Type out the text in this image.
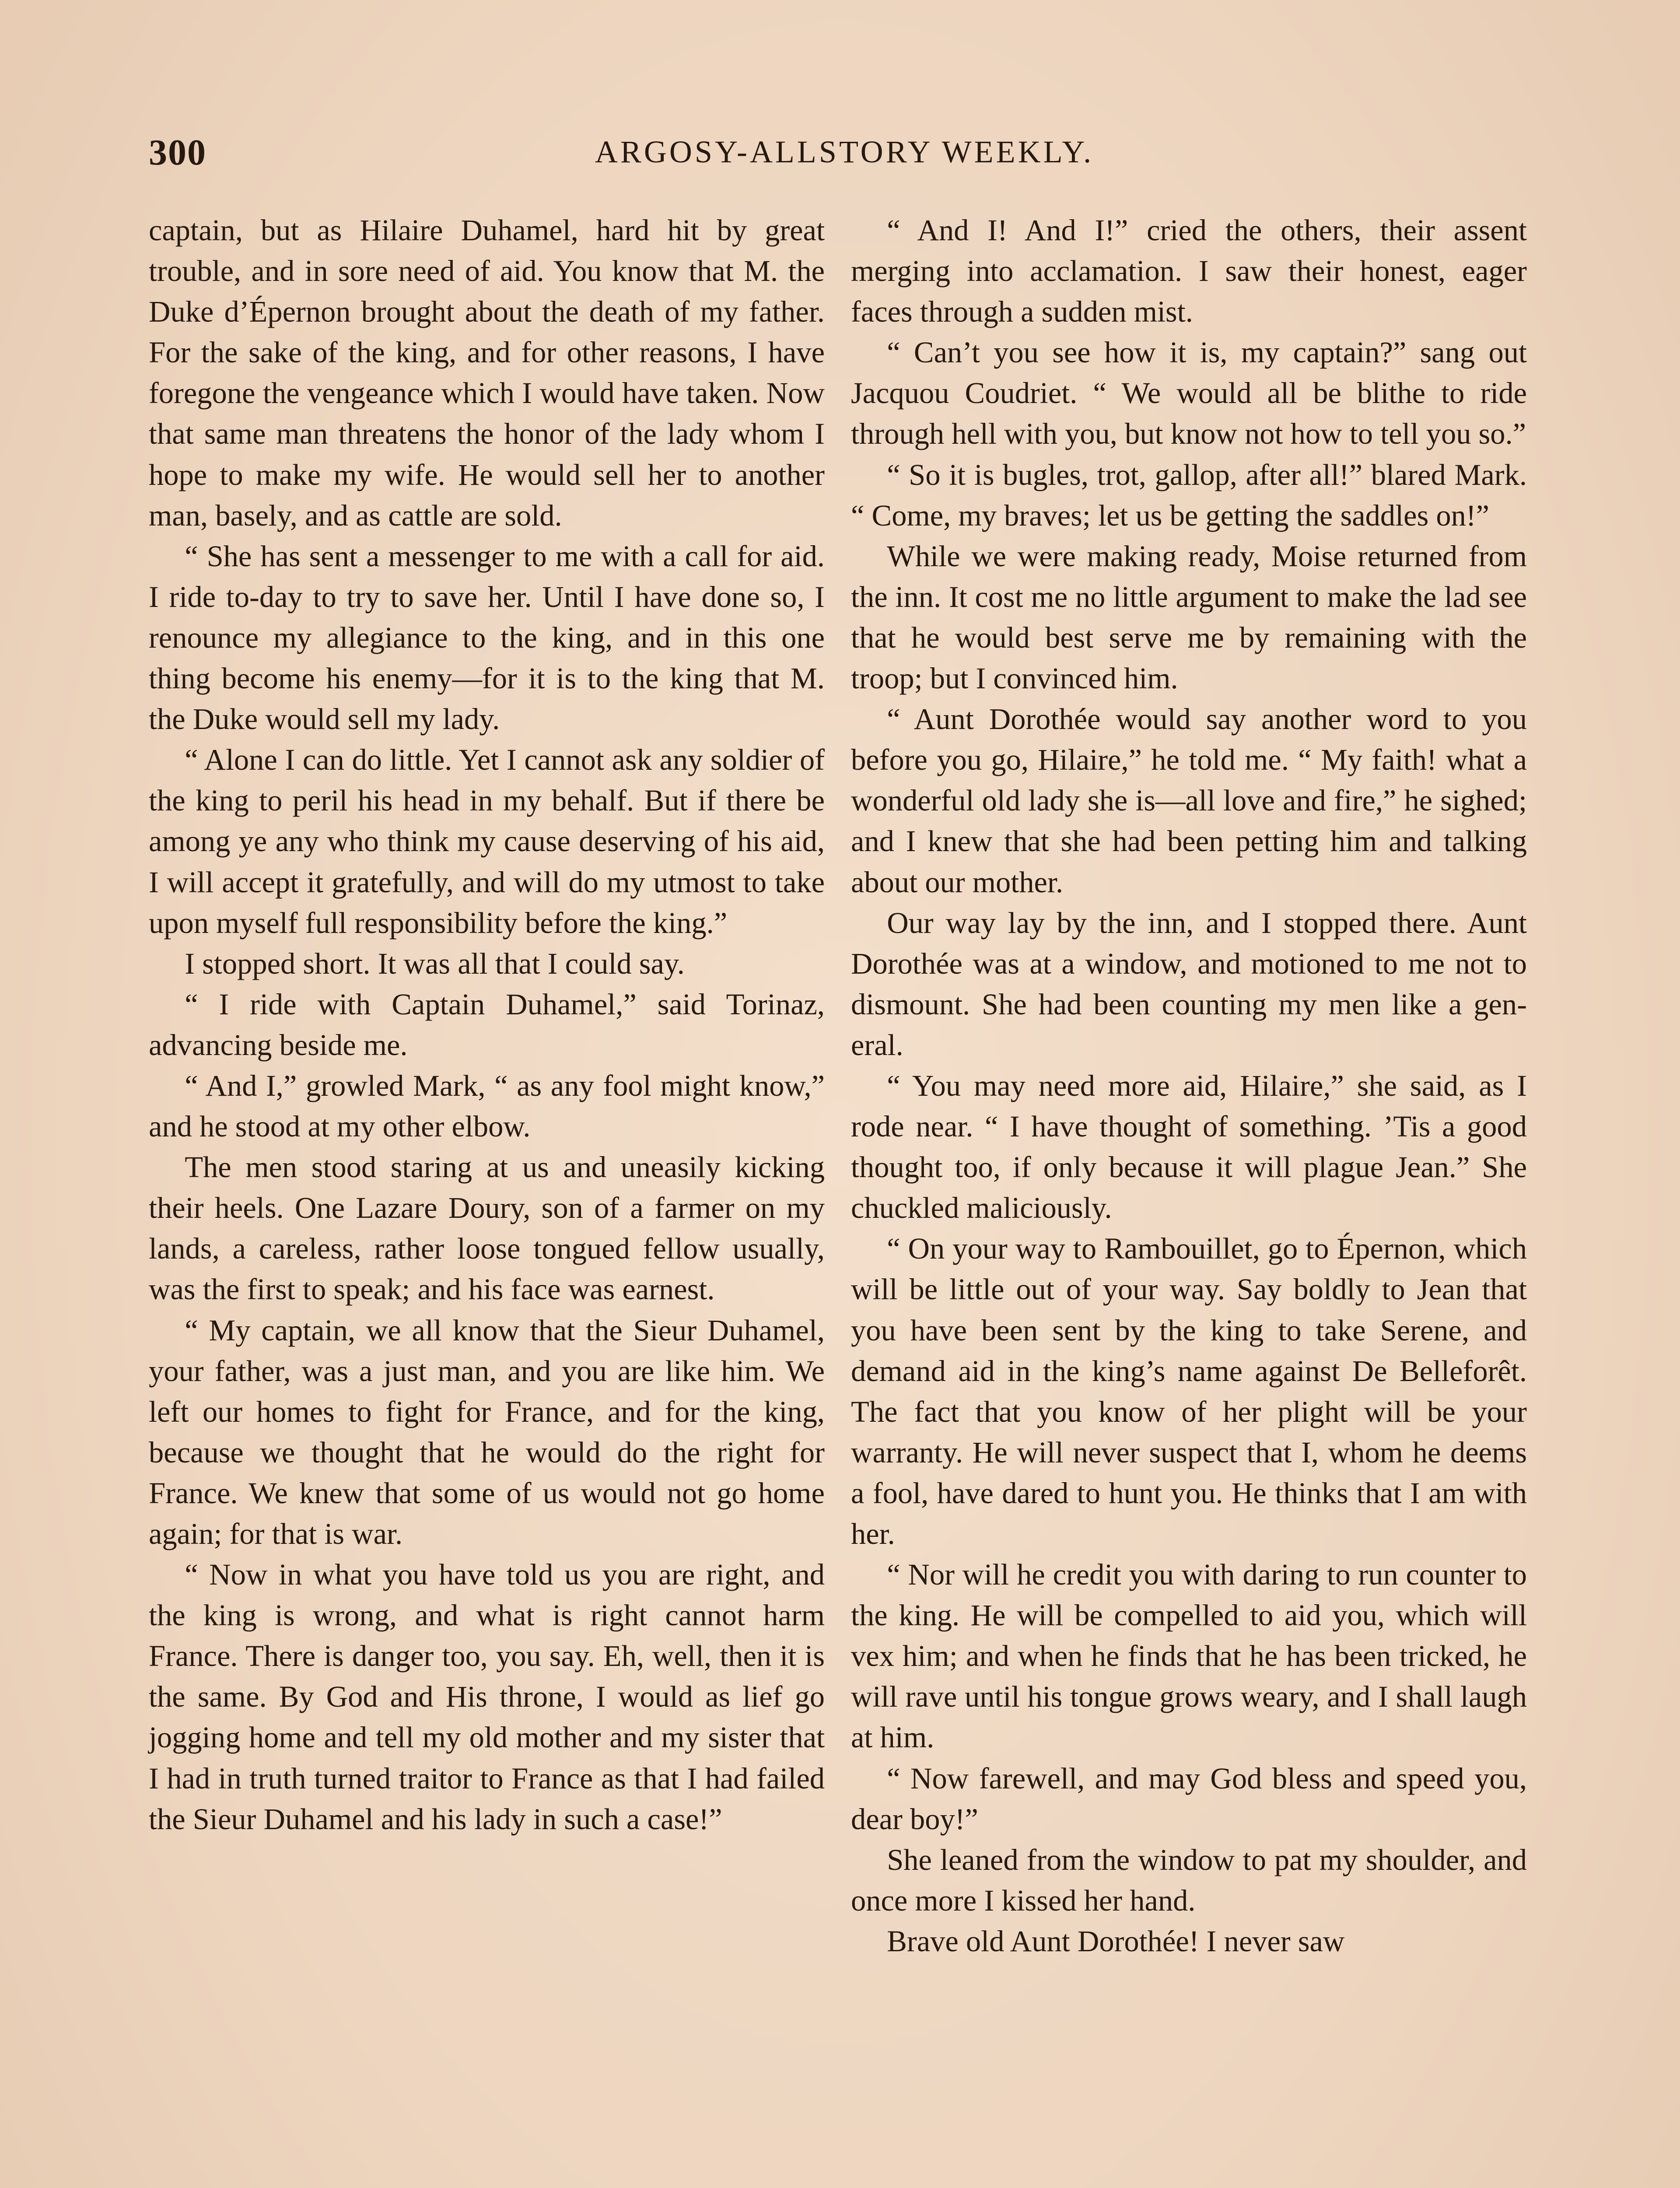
300	ARGOSY-ALLSTORY WEEKLY.

captain, but as Hilaire Duhamel, hard hit by great trouble, and in sore need of aid. You know that M. the Duke d’Épernon brought about the death of my father. For the sake of the king, and for other reasons, I have foregone the vengeance which I would have taken. Now that same man threatens the honor of the lady whom I hope to make my wife. He would sell her to another man, basely, and as cattle are sold.

“ She has sent a messenger to me with a call for aid. I ride to-day to try to save her. Until I have done so, I renounce my allegiance to the king, and in this one thing become his enemy—for it is to the king that M. the Duke would sell my lady.

“ Alone I can do little. Yet I cannot ask any soldier of the king to peril his head in my behalf. But if there be among ye any who think my cause deserving of his aid, I will accept it gratefully, and will do my utmost to take upon myself full responsibility before the king.”

I stopped short. It was all that I could say.

“ I ride with Captain Duhamel,” said Torinaz, advancing beside me.

“ And I,” growled Mark, “ as any fool might know,” and he stood at my other elbow.

The men stood staring at us and uneasily kicking their heels. One Lazare Doury, son of a farmer on my lands, a careless, rather loose tongued fellow usually, was the first to speak; and his face was earnest.

“ My captain, we all know that the Sieur Duhamel, your father, was a just man, and you are like him. We left our homes to fight for France, and for the king, because we thought that he would do the right for France. We knew that some of us would not go home again; for that is war.

“ Now in what you have told us you are right, and the king is wrong, and what is right cannot harm France. There is danger too, you say. Eh, well, then it is the same. By God and His throne, I would as lief go jogging home and tell my old mother and my sister that I had in truth turned traitor to France as that I had failed the Sieur Duhamel and his lady in such a case!”

“ And I! And I!” cried the others, their assent merging into acclamation. I saw their honest, eager faces through a sudden mist.

“ Can’t you see how it is, my captain?” sang out Jacquou Coudriet. “ We would all be blithe to ride through hell with you, but know not how to tell you so.”

“ So it is bugles, trot, gallop, after all!” blared Mark. “ Come, my braves; let us be getting the saddles on!”

While we were making ready, Moise returned from the inn. It cost me no little argument to make the lad see that he would best serve me by remaining with the troop; but I convinced him.

“ Aunt Dorothée would say another word to you before you go, Hilaire,” he told me. “ My faith! what a wonderful old lady she is—all love and fire,” he sighed; and I knew that she had been petting him and talking about our mother.

Our way lay by the inn, and I stopped there. Aunt Dorothée was at a window, and motioned to me not to dismount. She had been counting my men like a general.

“ You may need more aid, Hilaire,” she said, as I rode near. “ I have thought of something. ’Tis a good thought too, if only because it will plague Jean.” She chuckled maliciously.

“ On your way to Rambouillet, go to Épernon, which will be little out of your way. Say boldly to Jean that you have been sent by the king to take Serene, and demand aid in the king’s name against De Belleforêt. The fact that you know of her plight will be your warranty. He will never suspect that I, whom he deems a fool, have dared to hunt you. He thinks that I am with her.

“ Nor will he credit you with daring to run counter to the king. He will be compelled to aid you, which will vex him; and when he finds that he has been tricked, he will rave until his tongue grows weary, and I shall laugh at him.

“ Now farewell, and may God bless and speed you, dear boy!”

She leaned from the window to pat my shoulder, and once more I kissed her hand.

Brave old Aunt Dorothée! I never saw
